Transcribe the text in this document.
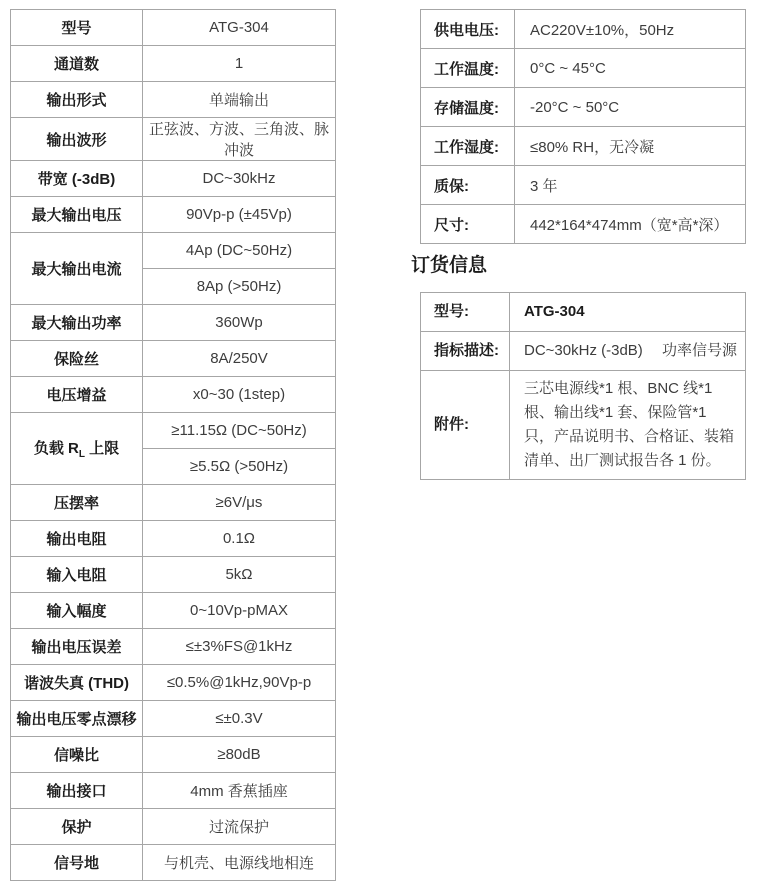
型号	ATG-304
通道数	1
输出形式	单端输出
输出波形	正弦波、方波、三角波、脉冲波
带宽 (-3dB)	DC~30kHz
最大输出电压	90Vp-p (±45Vp)
最大输出电流	4Ap (DC~50Hz)
	8Ap (>50Hz)
最大输出功率	360Wp
保险丝	8A/250V
电压增益	x0~30 (1step)
负载 $R_L$ 上限	≥11.15Ω (DC~50Hz)
	≥5.5Ω (>50Hz)
压摆率	≥6V/μs
输出电阻	0.1Ω
输入电阻	5kΩ
输入幅度	0~10Vp-pMAX
输出电压误差	≤±3%FS@1kHz
谐波失真 (THD)	≤0.5%@1kHz,90Vp-p
输出电压零点漂移	≤±0.3V
信噪比	≥80dB
输出接口	4mm 香蕉插座
保护	过流保护
信号地	与机壳、电源线地相连
供电电压:	AC220V±10%，50Hz
工作温度:	0°C ~ 45°C
存储温度:	-20°C ~ 50°C
工作湿度:	≤80% RH，无冷凝
质保:	3 年
尺寸:	442*164*474mm（宽*高*深）
订货信息
型号:	ATG-304
指标描述:	DC~30kHz (-3dB)　 功率信号源
附件:	三芯电源线*1 根、BNC 线*1 根、输出线*1 套、保险管*1 只，产品说明书、合格证、装箱清单、出厂测试报告各 1 份。
